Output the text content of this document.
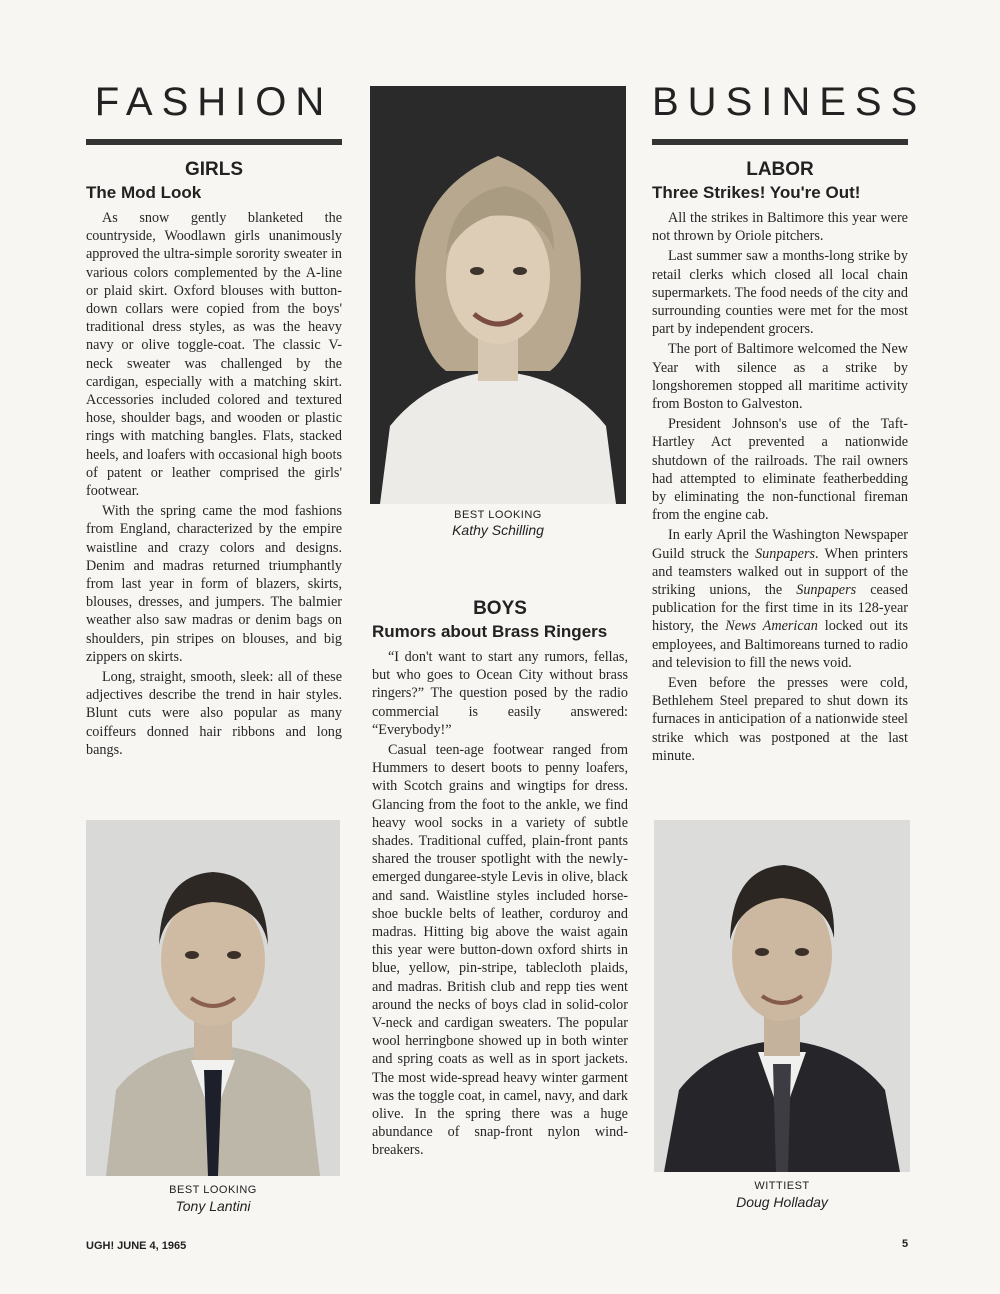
FASHION
GIRLS
The Mod Look

As snow gently blanketed the countryside, Woodlawn girls unanimously approved the ultra-simple sorority sweater in various colors complemented by the A-line or plaid skirt. Oxford blouses with button-down collars were copied from the boys' traditional dress styles, as was the heavy navy or olive toggle-coat. The classic V-neck sweater was challenged by the cardigan, especially with a matching skirt. Accessories included colored and textured hose, shoulder bags, and wooden or plastic rings with matching bangles. Flats, stacked heels, and loafers with occasional high boots of patent or leather comprised the girls' footwear.

With the spring came the mod fashions from England, characterized by the empire waistline and crazy colors and designs. Denim and madras returned triumphantly from last year in form of blazers, skirts, blouses, dresses, and jumpers. The balmier weather also saw madras or denim bags on shoulders, pin stripes on blouses, and big zippers on skirts.

Long, straight, smooth, sleek: all of these adjectives describe the trend in hair styles. Blunt cuts were also popular as many coiffeurs donned hair ribbons and long bangs.

BEST LOOKING
Tony Lantini
BEST LOOKING
Kathy Schilling
BOYS
Rumors about Brass Ringers

“I don't want to start any rumors, fellas, but who goes to Ocean City without brass ringers?” The question posed by the radio commercial is easily answered: “Everybody!”

Casual teen-age footwear ranged from Hummers to desert boots to penny loafers, with Scotch grains and wingtips for dress. Glancing from the foot to the ankle, we find heavy wool socks in a variety of subtle shades. Traditional cuffed, plain-front pants shared the trouser spotlight with the newly-emerged dungaree-style Levis in olive, black and sand. Waistline styles included horse-shoe buckle belts of leather, corduroy and madras. Hitting big above the waist again this year were button-down oxford shirts in blue, yellow, pin-stripe, tablecloth plaids, and madras. British club and repp ties went around the necks of boys clad in solid-color V-neck and cardigan sweaters. The popular wool herringbone showed up in both winter and spring coats as well as in sport jackets. The most wide-spread heavy winter garment was the toggle coat, in camel, navy, and dark olive. In the spring there was a huge abundance of snap-front nylon wind-breakers.

BUSINESS
LABOR
Three Strikes! You're Out!

All the strikes in Baltimore this year were not thrown by Oriole pitchers.

Last summer saw a months-long strike by retail clerks which closed all local chain supermarkets. The food needs of the city and surrounding counties were met for the most part by independent grocers.

The port of Baltimore welcomed the New Year with silence as a strike by longshoremen stopped all maritime activity from Boston to Galveston.

President Johnson's use of the Taft-Hartley Act prevented a nationwide shutdown of the railroads. The rail owners had attempted to eliminate featherbedding by eliminating the non-functional fireman from the engine cab.

In early April the Washington Newspaper Guild struck the Sunpapers. When printers and teamsters walked out in support of the striking unions, the Sunpapers ceased publication for the first time in its 128-year history, the News American locked out its employees, and Baltimoreans turned to radio and television to fill the news void.

Even before the presses were cold, Bethlehem Steel prepared to shut down its furnaces in anticipation of a nationwide steel strike which was postponed at the last minute.

WITTIEST
Doug Holladay
UGH! JUNE 4, 1965	5
